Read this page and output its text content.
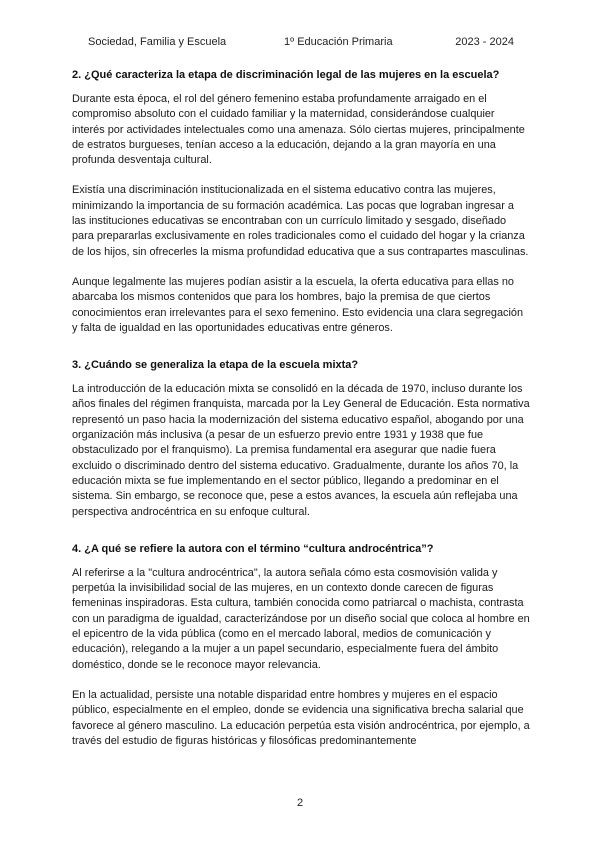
Sociedad, Familia y Escuela	1º Educación Primaria	2023 - 2024
2. ¿Qué caracteriza la etapa de discriminación legal de las mujeres en la escuela?

Durante esta época, el rol del género femenino estaba profundamente arraigado en el compromiso absoluto con el cuidado familiar y la maternidad, considerándose cualquier interés por actividades intelectuales como una amenaza. Sólo ciertas mujeres, principalmente de estratos burgueses, tenían acceso a la educación, dejando a la gran mayoría en una profunda desventaja cultural.

Existía una discriminación institucionalizada en el sistema educativo contra las mujeres, minimizando la importancia de su formación académica. Las pocas que lograban ingresar a las instituciones educativas se encontraban con un currículo limitado y sesgado, diseñado para prepararlas exclusivamente en roles tradicionales como el cuidado del hogar y la crianza de los hijos, sin ofrecerles la misma profundidad educativa que a sus contrapartes masculinas.

Aunque legalmente las mujeres podían asistir a la escuela, la oferta educativa para ellas no abarcaba los mismos contenidos que para los hombres, bajo la premisa de que ciertos conocimientos eran irrelevantes para el sexo femenino. Esto evidencia una clara segregación y falta de igualdad en las oportunidades educativas entre géneros.

3. ¿Cuándo se generaliza la etapa de la escuela mixta?

La introducción de la educación mixta se consolidó en la década de 1970, incluso durante los años finales del régimen franquista, marcada por la Ley General de Educación. Esta normativa representó un paso hacia la modernización del sistema educativo español, abogando por una organización más inclusiva (a pesar de un esfuerzo previo entre 1931 y 1938 que fue obstaculizado por el franquismo). La premisa fundamental era asegurar que nadie fuera excluido o discriminado dentro del sistema educativo. Gradualmente, durante los años 70, la educación mixta se fue implementando en el sector público, llegando a predominar en el sistema. Sin embargo, se reconoce que, pese a estos avances, la escuela aún reflejaba una perspectiva androcéntrica en su enfoque cultural.

4. ¿A qué se refiere la autora con el término “cultura androcéntrica”?

Al referirse a la "cultura androcéntrica", la autora señala cómo esta cosmovisión valida y perpetúa la invisibilidad social de las mujeres, en un contexto donde carecen de figuras femeninas inspiradoras. Esta cultura, también conocida como patriarcal o machista, contrasta con un paradigma de igualdad, caracterizándose por un diseño social que coloca al hombre en el epicentro de la vida pública (como en el mercado laboral, medios de comunicación y educación), relegando a la mujer a un papel secundario, especialmente fuera del ámbito doméstico, donde se le reconoce mayor relevancia.

En la actualidad, persiste una notable disparidad entre hombres y mujeres en el espacio público, especialmente en el empleo, donde se evidencia una significativa brecha salarial que favorece al género masculino. La educación perpetúa esta visión androcéntrica, por ejemplo, a través del estudio de figuras históricas y filosóficas predominantemente

2
